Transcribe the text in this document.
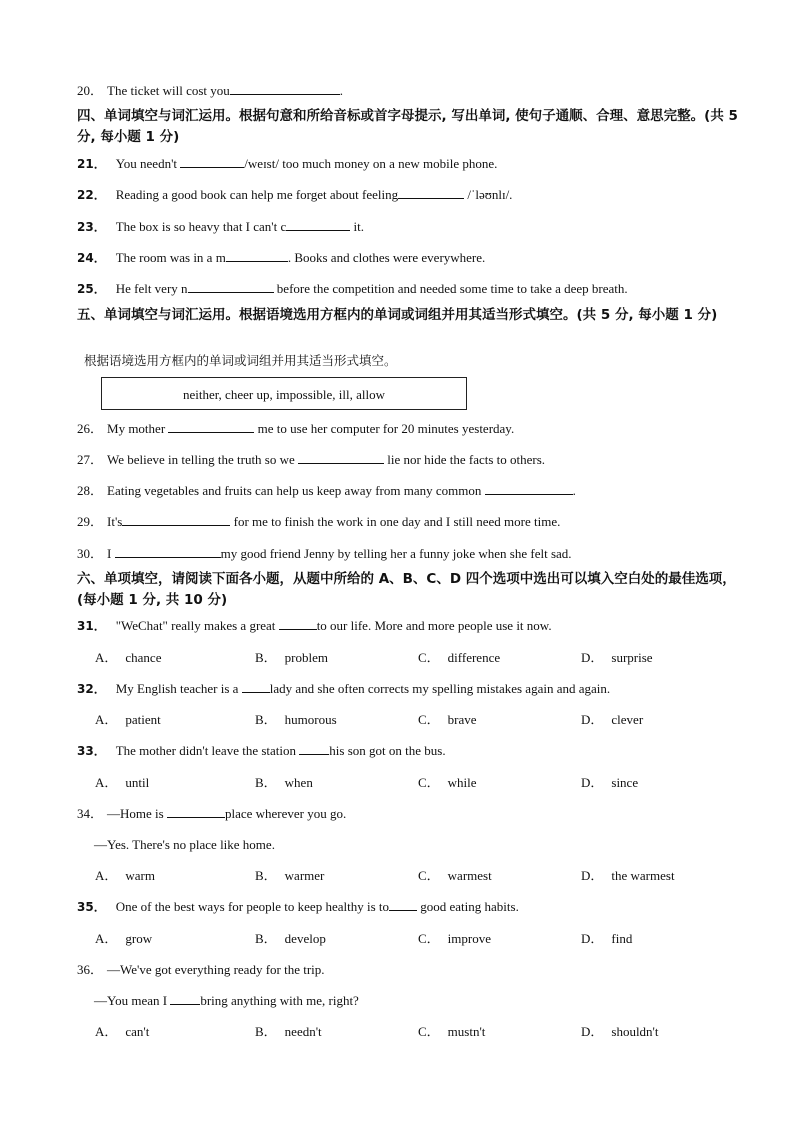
20． The ticket will cost you	.
四、单词填空与词汇运用。根据句意和所给音标或首字母提示, 写出单词, 使句子通顺、合理、意思完整。(共 5 分, 每小题 1 分)
21． You needn't	/weɪst/ too much money on a new mobile phone.
22． Reading a good book can help me forget about feeling	/ˈləʊnlɪ/.
23． The box is so heavy that I can't c	it.
24． The room was in a m	. Books and clothes were everywhere.
25． He felt very n	before the competition and needed some time to take a deep breath.
五、单词填空与词汇运用。根据语境选用方框内的单词或词组并用其适当形式填空。(共 5 分, 每小题 1 分)
根据语境选用方框内的单词或词组并用其适当形式填空。
neither, cheer up, impossible, ill, allow
26． My mother	me to use her computer for 20 minutes yesterday.
27． We believe in telling the truth so we	lie nor hide the facts to others.
28． Eating vegetables and fruits can help us keep away from many common	.
29． It's	for me to finish the work in one day and I still need more time.
30． I	my good friend Jenny by telling her a funny joke when she felt sad.
六、单项填空，请阅读下面各小题，从题中所给的 A、B、C、D 四个选项中选出可以填入空白处的最佳选项，(每小题 1 分, 共 10 分)
31． "WeChat" really makes a great	to our life. More and more people use it now.
A． chance	B． problem	C． difference	D． surprise
32． My English teacher is a lady and she often corrects my spelling mistakes again and again.
A． patient	B． humorous	C． brave	D． clever
33． The mother didn't leave the station	his son got on the bus.
A． until	B． when	C． while	D． since
34． —Home is	place wherever you go.
—Yes. There's no place like home.
A． warm	B． warmer	C． warmest	D． the warmest
35． One of the best ways for people to keep healthy is to good eating habits.
A． grow	B． develop	C． improve	D． find
36． —We've got everything ready for the trip.
—You mean I	bring anything with me, right?
A． can't	B． needn't	C． mustn't	D． shouldn't
